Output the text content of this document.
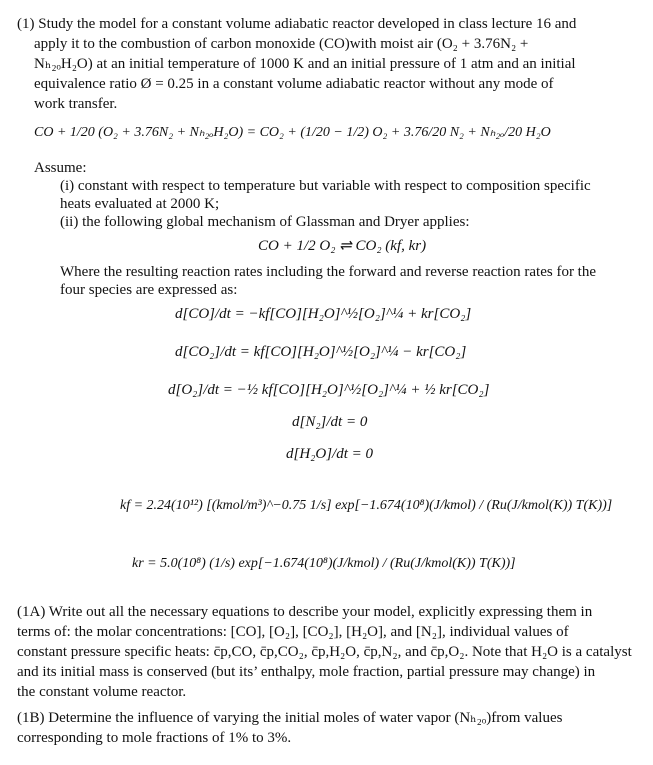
(1) Study the model for a constant volume adiabatic reactor developed in class lecture 16 and
apply it to the combustion of carbon monoxide (CO)with moist air (O₂ + 3.76N₂ +
Nₕ₂ₒH₂O) at an initial temperature of 1000 K and an initial pressure of 1 atm and an initial
equivalence ratio Ø = 0.25 in a constant volume adiabatic reactor without any mode of
work transfer.
CO + 1/20 (O₂ + 3.76N₂ + Nₕ₂ₒH₂O) = CO₂ + (1/20 − 1/2) O₂ + 3.76/20 N₂ + Nₕ₂ₒ/20 H₂O
Assume:
(i) constant with respect to temperature but variable with respect to composition specific
heats evaluated at 2000 K;
(ii) the following global mechanism of Glassman and Dryer applies:
CO + 1/2 O₂ ⇌ CO₂ (kf, kr)
Where the resulting reaction rates including the forward and reverse reaction rates for the
four species are expressed as:
d[CO]/dt = −kf[CO][H₂O]^½[O₂]^¼ + kr[CO₂]
d[CO₂]/dt = kf[CO][H₂O]^½[O₂]^¼ − kr[CO₂]
d[O₂]/dt = −½ kf[CO][H₂O]^½[O₂]^¼ + ½ kr[CO₂]
d[N₂]/dt = 0
d[H₂O]/dt = 0
kf = 2.24(10¹²) [(kmol/m³)^−0.75 1/s] exp[−1.674(10⁸)(J/kmol) / (Ru(J/kmol(K)) T(K))]
kr = 5.0(10⁸) (1/s) exp[−1.674(10⁸)(J/kmol) / (Ru(J/kmol(K)) T(K))]
(1A) Write out all the necessary equations to describe your model, explicitly expressing them in
terms of: the molar concentrations: [CO], [O₂], [CO₂], [H₂O], and [N₂], individual values of
constant pressure specific heats: c̄p,CO, c̄p,CO₂, c̄p,H₂O, c̄p,N₂, and c̄p,O₂. Note that H₂O is a catalyst
and its initial mass is conserved (but its’ enthalpy, mole fraction, partial pressure may change) in
the constant volume reactor.
(1B) Determine the influence of varying the initial moles of water vapor (Nₕ₂ₒ)from values
corresponding to mole fractions of 1% to 3%.
